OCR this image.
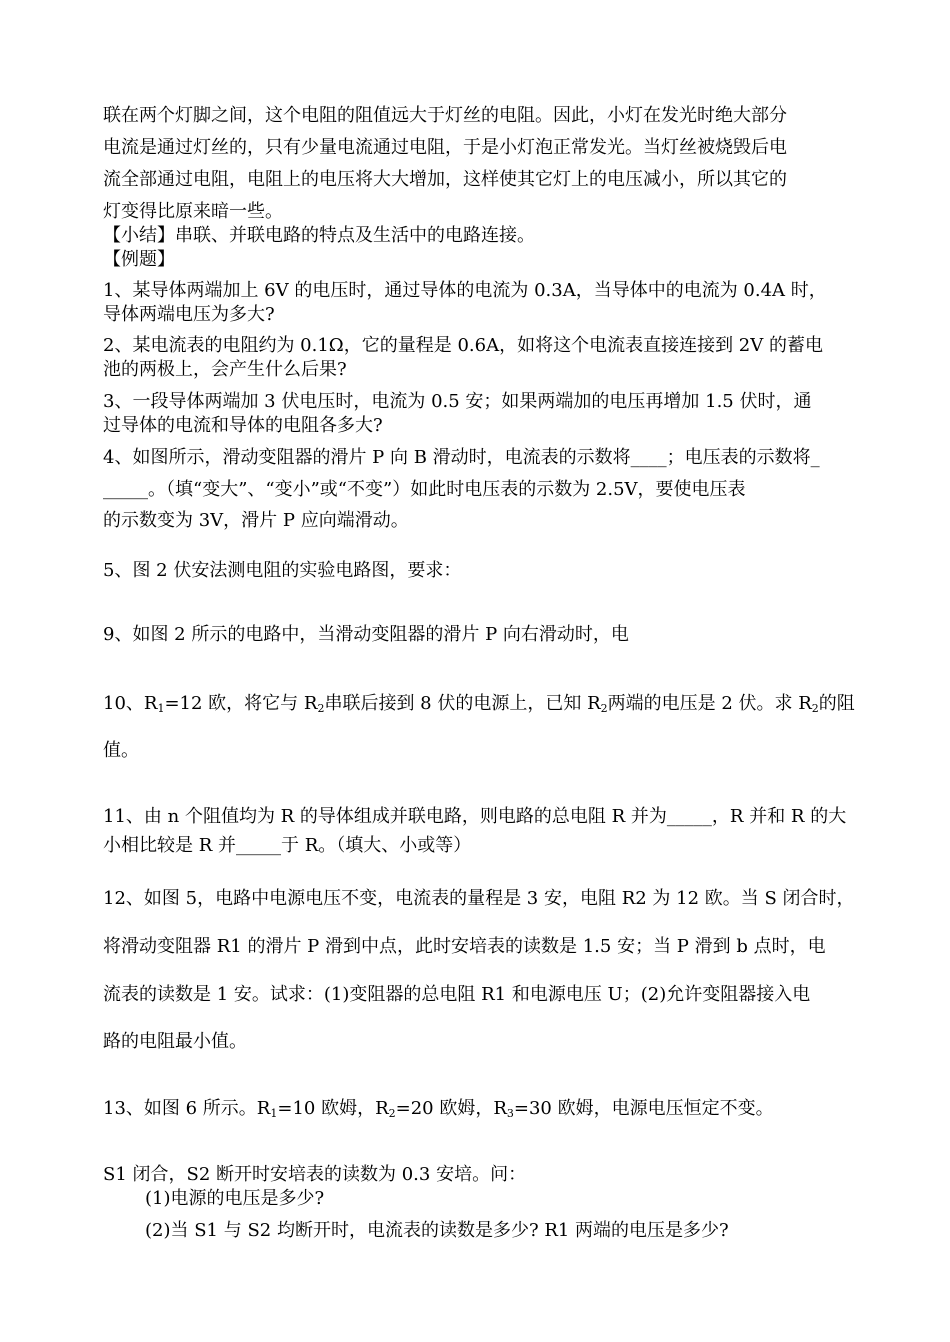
联在两个灯脚之间，这个电阻的阻值远大于灯丝的电阻。因此，小灯在发光时绝大部分
电流是通过灯丝的，只有少量电流通过电阻，于是小灯泡正常发光。当灯丝被烧毁后电
流全部通过电阻，电阻上的电压将大大增加，这样使其它灯上的电压减小，所以其它的
灯变得比原来暗一些。
【小结】串联、并联电路的特点及生活中的电路连接。
【例题】
1、某导体两端加上 6V 的电压时，通过导体的电流为 0.3A，当导体中的电流为 0.4A 时，
导体两端电压为多大?
2、某电流表的电阻约为 0.1Ω，它的量程是 0.6A，如将这个电流表直接连接到 2V 的蓄电
池的两极上，会产生什么后果?
3、一段导体两端加 3 伏电压时，电流为 0.5 安；如果两端加的电压再增加 1.5 伏时，通
过导体的电流和导体的电阻各多大?
4、如图所示，滑动变阻器的滑片 P 向 B 滑动时，电流表的示数将____；电压表的示数将_
_____。（填“变大”、“变小”或“不变”）如此时电压表的示数为 2.5V，要使电压表
的示数变为 3V，滑片 P 应向端滑动。
5、图 2 伏安法测电阻的实验电路图，要求：
9、如图 2 所示的电路中，当滑动变阻器的滑片 P 向右滑动时，电
10、$R_1=12$ 欧，将它与 $R_2$串联后接到 8 伏的电源上，已知 $R_2$两端的电压是 2 伏。求 $R_2$的阻
值。
11、由 n 个阻值均为 R 的导体组成并联电路，则电路的总电阻 R 并为_____，R 并和 R 的大
小相比较是 R 并_____于 R。（填大、小或等）
12、如图 5，电路中电源电压不变，电流表的量程是 3 安，电阻 R2 为 12 欧。当 S 闭合时，
将滑动变阻器 R1 的滑片 P 滑到中点，此时安培表的读数是 1.5 安；当 P 滑到 b 点时，电
流表的读数是 1 安。试求：(1)变阻器的总电阻 R1 和电源电压 U；(2)允许变阻器接入电
路的电阻最小值。
13、如图 6 所示。$R_1=10$ 欧姆，$R_2=20$ 欧姆，$R_3=30$ 欧姆，电源电压恒定不变。
S1 闭合，S2 断开时安培表的读数为 0.3 安培。问：
(1)电源的电压是多少?
(2)当 S1 与 S2 均断开时，电流表的读数是多少? R1 两端的电压是多少?
